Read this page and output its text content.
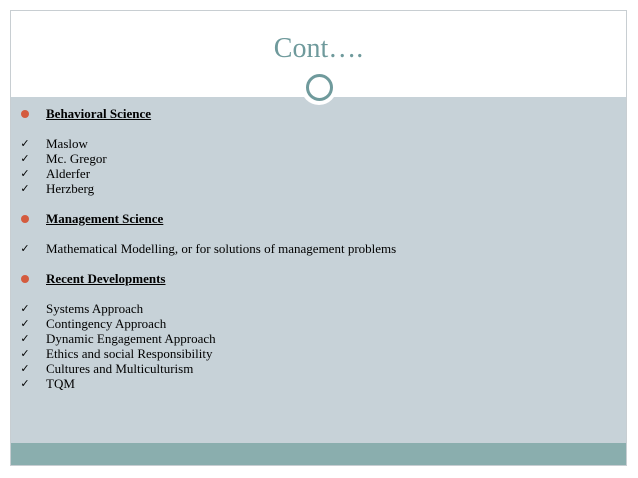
Cont….
Behavioral Science
✓ Maslow
✓ Mc. Gregor
✓ Alderfer
✓ Herzberg
Management Science
✓ Mathematical Modelling, or for solutions of management problems
Recent Developments
✓ Systems Approach
✓ Contingency Approach
✓ Dynamic Engagement Approach
✓ Ethics and social Responsibility
✓ Cultures and Multiculturism
✓ TQM
